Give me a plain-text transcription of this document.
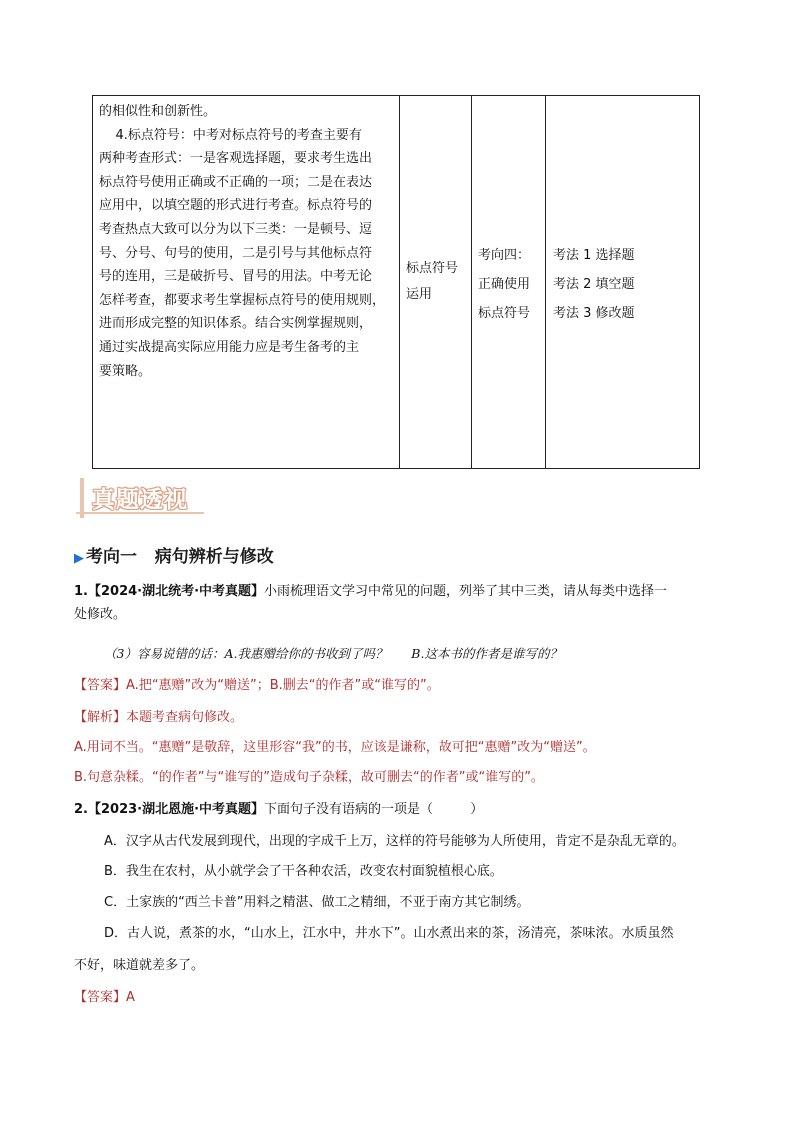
的相似性和创新性。
4.标点符号：中考对标点符号的考查主要有
两种考查形式：一是客观选择题，要求考生选出
标点符号使用正确或不正确的一项；二是在表达
应用中，以填空题的形式进行考查。标点符号的
考查热点大致可以分为以下三类：一是顿号、逗
号、分号、句号的使用，二是引号与其他标点符
号的连用，三是破折号、冒号的用法。中考无论
怎样考查，都要求考生掌握标点符号的使用规则，
进而形成完整的知识体系。结合实例掌握规则，
通过实战提高实际应用能力应是考生备考的主
要策略。
标点符号
运用
考向四：
正确使用
标点符号
考法 1 选择题
考法 2 填空题
考法 3 修改题
真题透视
▶ 考向一   病句辨析与修改
1.【2024·湖北统考·中考真题】小雨梳理语文学习中常见的问题，列举了其中三类，请从每类中选择一
处修改。
（3）容易说错的话：A.我惠赠给你的书收到了吗？      B.这本书的作者是谁写的？
【答案】A.把“惠赠”改为“赠送”；B.删去“的作者”或“谁写的”。
【解析】本题考查病句修改。
A.用词不当。“惠赠”是敬辞，这里形容“我”的书，应该是谦称，故可把“惠赠”改为“赠送”。
B.句意杂糅。“的作者”与“谁写的”造成句子杂糅，故可删去“的作者”或“谁写的”。
2.【2023·湖北恩施·中考真题】下面句子没有语病的一项是（         ）
A．汉字从古代发展到现代，出现的字成千上万，这样的符号能够为人所使用，肯定不是杂乱无章的。
B．我生在农村，从小就学会了干各种农活，改变农村面貌植根心底。
C．土家族的“西兰卡普”用料之精湛、做工之精细，不亚于南方其它制绣。
D．古人说，煮茶的水，“山水上，江水中，井水下”。山水煮出来的茶，汤清亮，茶味浓。水质虽然
不好，味道就差多了。
【答案】A
